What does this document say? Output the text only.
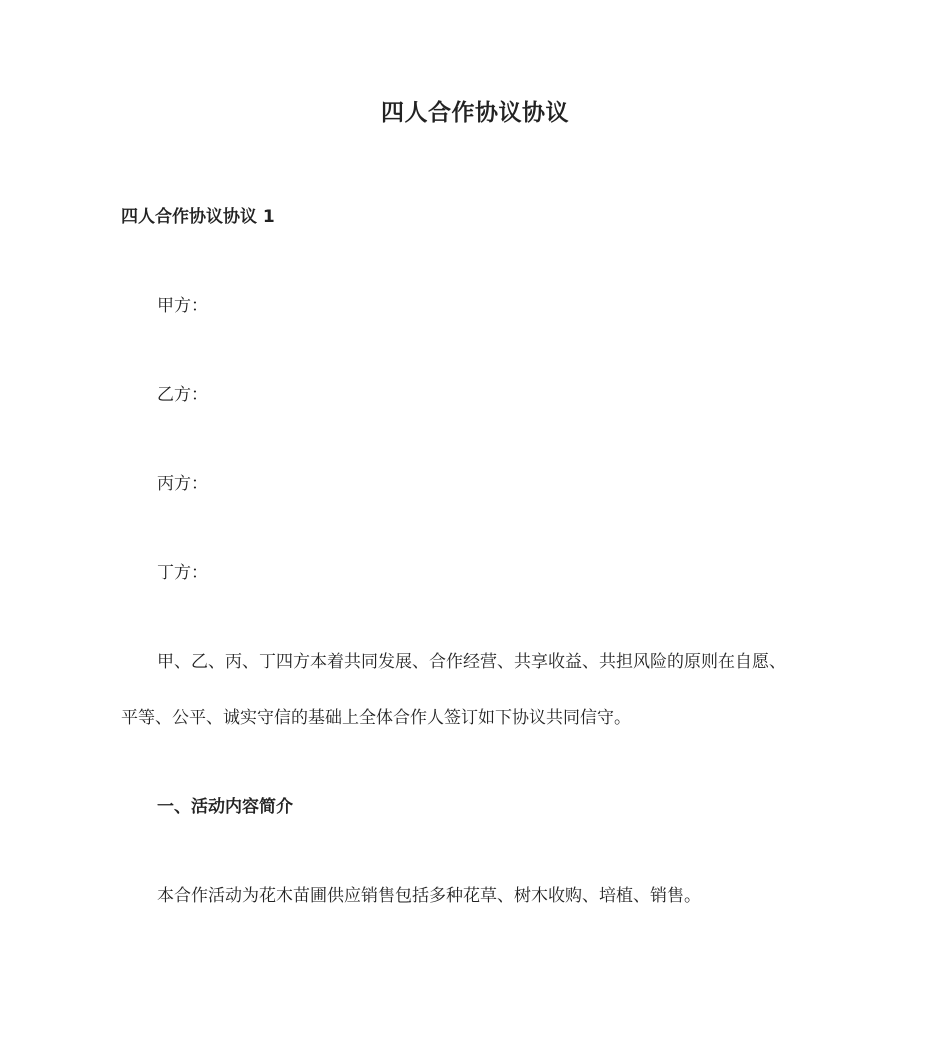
四人合作协议协议
四人合作协议协议 1
甲方：
乙方：
丙方：
丁方：
甲、乙、丙、丁四方本着共同发展、合作经营、共享收益、共担风险的原则在自愿、
平等、公平、诚实守信的基础上全体合作人签订如下协议共同信守。
一、活动内容简介
本合作活动为花木苗圃供应销售包括多种花草、树木收购、培植、销售。
